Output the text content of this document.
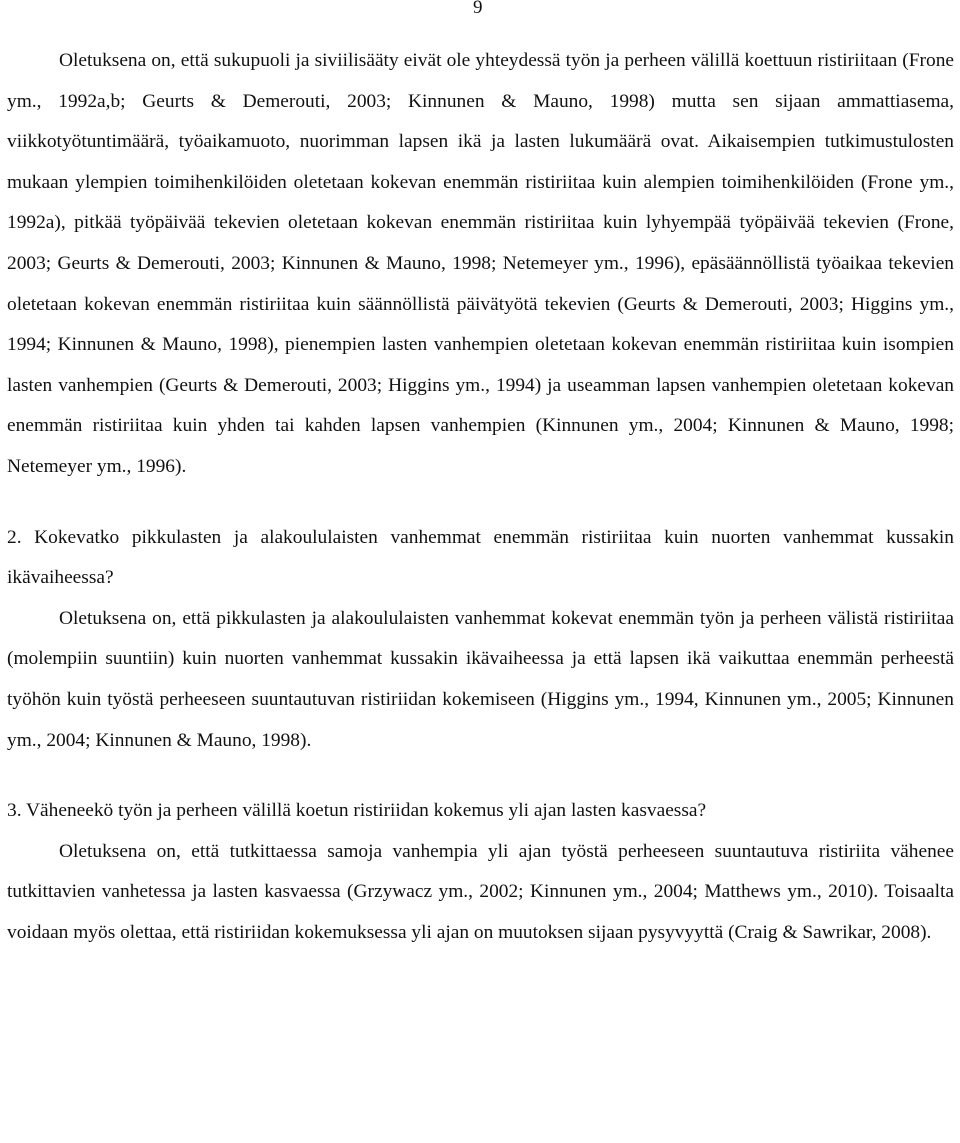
9

Oletuksena on, että sukupuoli ja siviilisääty eivät ole yhteydessä työn ja perheen välillä koettuun ristiriitaan (Frone ym., 1992a,b; Geurts & Demerouti, 2003; Kinnunen & Mauno, 1998) mutta sen sijaan ammattiasema, viikkotyötuntimäärä, työaikamuoto, nuorimman lapsen ikä ja lasten lukumäärä ovat. Aikaisempien tutkimustulosten mukaan ylempien toimihenkilöiden oletetaan kokevan enemmän ristiriitaa kuin alempien toimihenkilöiden (Frone ym., 1992a), pitkää työpäivää tekevien oletetaan kokevan enemmän ristiriitaa kuin lyhyempää työpäivää tekevien (Frone, 2003; Geurts & Demerouti, 2003; Kinnunen & Mauno, 1998; Netemeyer ym., 1996), epäsäännöllistä työaikaa tekevien oletetaan kokevan enemmän ristiriitaa kuin säännöllistä päivätyötä tekevien (Geurts & Demerouti, 2003; Higgins ym., 1994; Kinnunen & Mauno, 1998), pienempien lasten vanhempien oletetaan kokevan enemmän ristiriitaa kuin isompien lasten vanhempien (Geurts & Demerouti, 2003; Higgins ym., 1994) ja useamman lapsen vanhempien oletetaan kokevan enemmän ristiriitaa kuin yhden tai kahden lapsen vanhempien (Kinnunen ym., 2004; Kinnunen & Mauno, 1998; Netemeyer ym., 1996).

2. Kokevatko pikkulasten ja alakoululaisten vanhemmat enemmän ristiriitaa kuin nuorten vanhemmat kussakin ikävaiheessa?

Oletuksena on, että pikkulasten ja alakoululaisten vanhemmat kokevat enemmän työn ja perheen välistä ristiriitaa (molempiin suuntiin) kuin nuorten vanhemmat kussakin ikävaiheessa ja että lapsen ikä vaikuttaa enemmän perheestä työhön kuin työstä perheeseen suuntautuvan ristiriidan kokemiseen (Higgins ym., 1994, Kinnunen ym., 2005; Kinnunen ym., 2004; Kinnunen & Mauno, 1998).

3. Väheneekö työn ja perheen välillä koetun ristiriidan kokemus yli ajan lasten kasvaessa?

Oletuksena on, että tutkittaessa samoja vanhempia yli ajan työstä perheeseen suuntautuva ristiriita vähenee tutkittavien vanhetessa ja lasten kasvaessa (Grzywacz ym., 2002; Kinnunen ym., 2004; Matthews ym., 2010). Toisaalta voidaan myös olettaa, että ristiriidan kokemuksessa yli ajan on muutoksen sijaan pysyvyyttä (Craig & Sawrikar, 2008).
